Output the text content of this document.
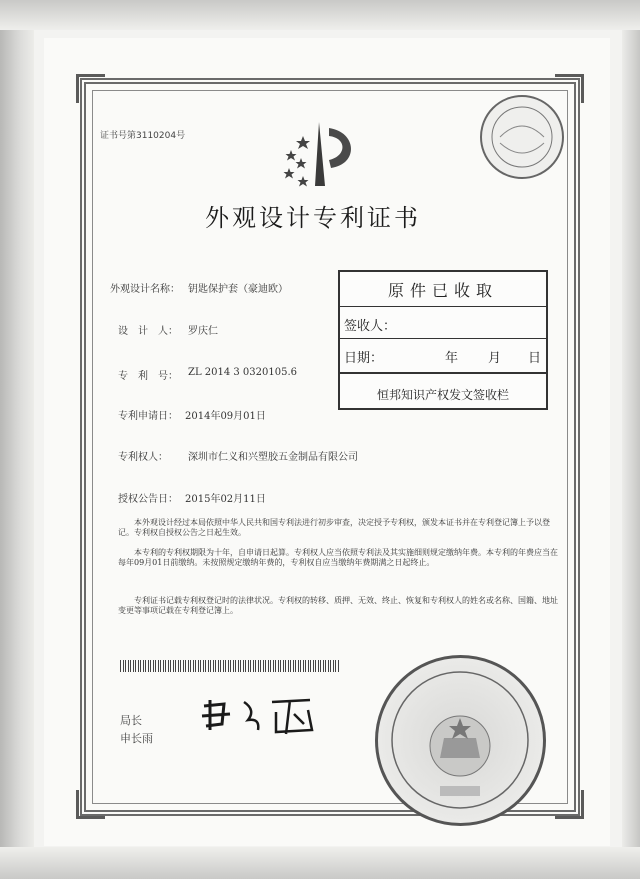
证书号第3110204号
外观设计专利证书
外观设计名称： 钥匙保护套（豪迪欧）
设　计　人： 罗庆仁
专　利　号： ZL 2014 3 0320105.6
专利申请日： 2014年09月01日
专利权人： 深圳市仁义和兴塑胶五金制品有限公司
授权公告日： 2015年02月11日
原件已收取
签收人：
日期：	年 月 日
恒邦知识产权发文签收栏
本外观设计经过本局依照中华人民共和国专利法进行初步审查，决定授予专利权，颁发本证书并在专利登记簿上予以登记。专利权自授权公告之日起生效。
本专利的专利权期限为十年，自申请日起算。专利权人应当依照专利法及其实施细则规定缴纳年费。本专利的年费应当在每年09月01日前缴纳。未按照规定缴纳年费的，专利权自应当缴纳年费期满之日起终止。
专利证书记载专利权登记时的法律状况。专利权的转移、质押、无效、终止、恢复和专利权人的姓名或名称、国籍、地址变更等事项记载在专利登记簿上。
局长
申长雨
